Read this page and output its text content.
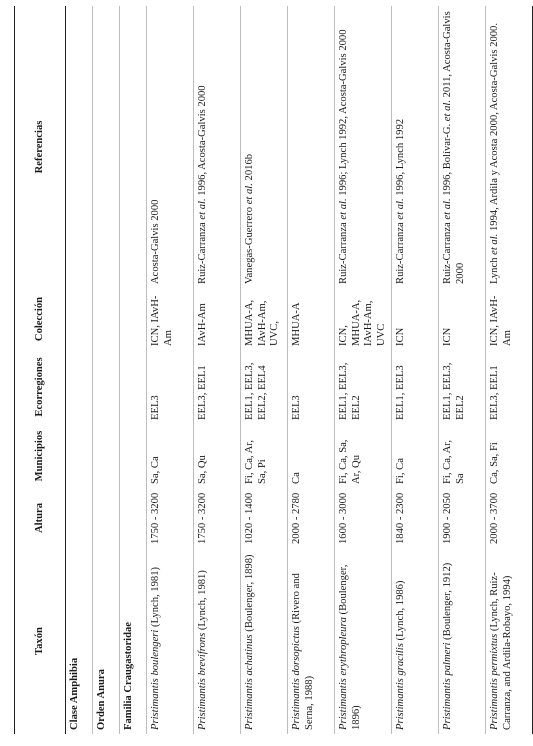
Taxón	Altura	Municipios	Ecorregiones	Colección	Referencias
Clase Amphibia					
Orden Anura					
Familia Craugastoridae					
Pristimantis boulengeri (Lynch, 1981)	1750 - 3200	Sa, Ca	EEL3	ICN, IAvH-Am	Acosta-Galvis 2000
Pristimantis brevifrons (Lynch, 1981)	1750 - 3200	Sa, Qu	EEL3, EEL1	IAvH-Am	Ruiz-Carranza et al. 1996, Acosta-Galvis 2000
Pristimantis achatinus (Boulenger, 1898)	1020 - 1400	Fi, Ca, Ar, Sa, Pi	EEL1, EEL3, EEL2, EEL4	MHUA-A, IAvH-Am, UVC,	Vanegas-Guerrero et al. 2016b
Pristimantis dorsopictus (Rivero and Serna, 1988)	2000 - 2780	Ca	EEL3	MHUA-A	
Pristimantis erythropleura (Boulenger, 1896)	1600 - 3000	Fi, Ca, Sa, Ar, Qu	EEL1, EEL3, EEL2	ICN, MHUA-A, IAvH-Am, UVC	Ruiz-Carranza et al. 1996; Lynch 1992, Acosta-Galvis 2000
Pristimantis gracilis (Lynch, 1986)	1840 - 2300	Fi, Ca	EEL1, EEL3	ICN	Ruiz-Carranza et al. 1996, Lynch 1992
Pristimantis palmeri (Boulenger, 1912)	1900 - 2050	Fi, Ca, Ar, Sa	EEL1, EEL3, EEL2	ICN	Ruiz-Carranza et al. 1996, Bolívar-G. et al. 2011, Acosta-Galvis 2000
Pristimantis permixtus (Lynch, Ruiz-Carranza, and Ardila-Robayo, 1994)	2000 - 3700	Ca, Sa, Fi	EEL3, EEL1	ICN, IAvH-Am	Lynch et al. 1994, Ardila y Acosta 2000, Acosta-Galvis 2000.
